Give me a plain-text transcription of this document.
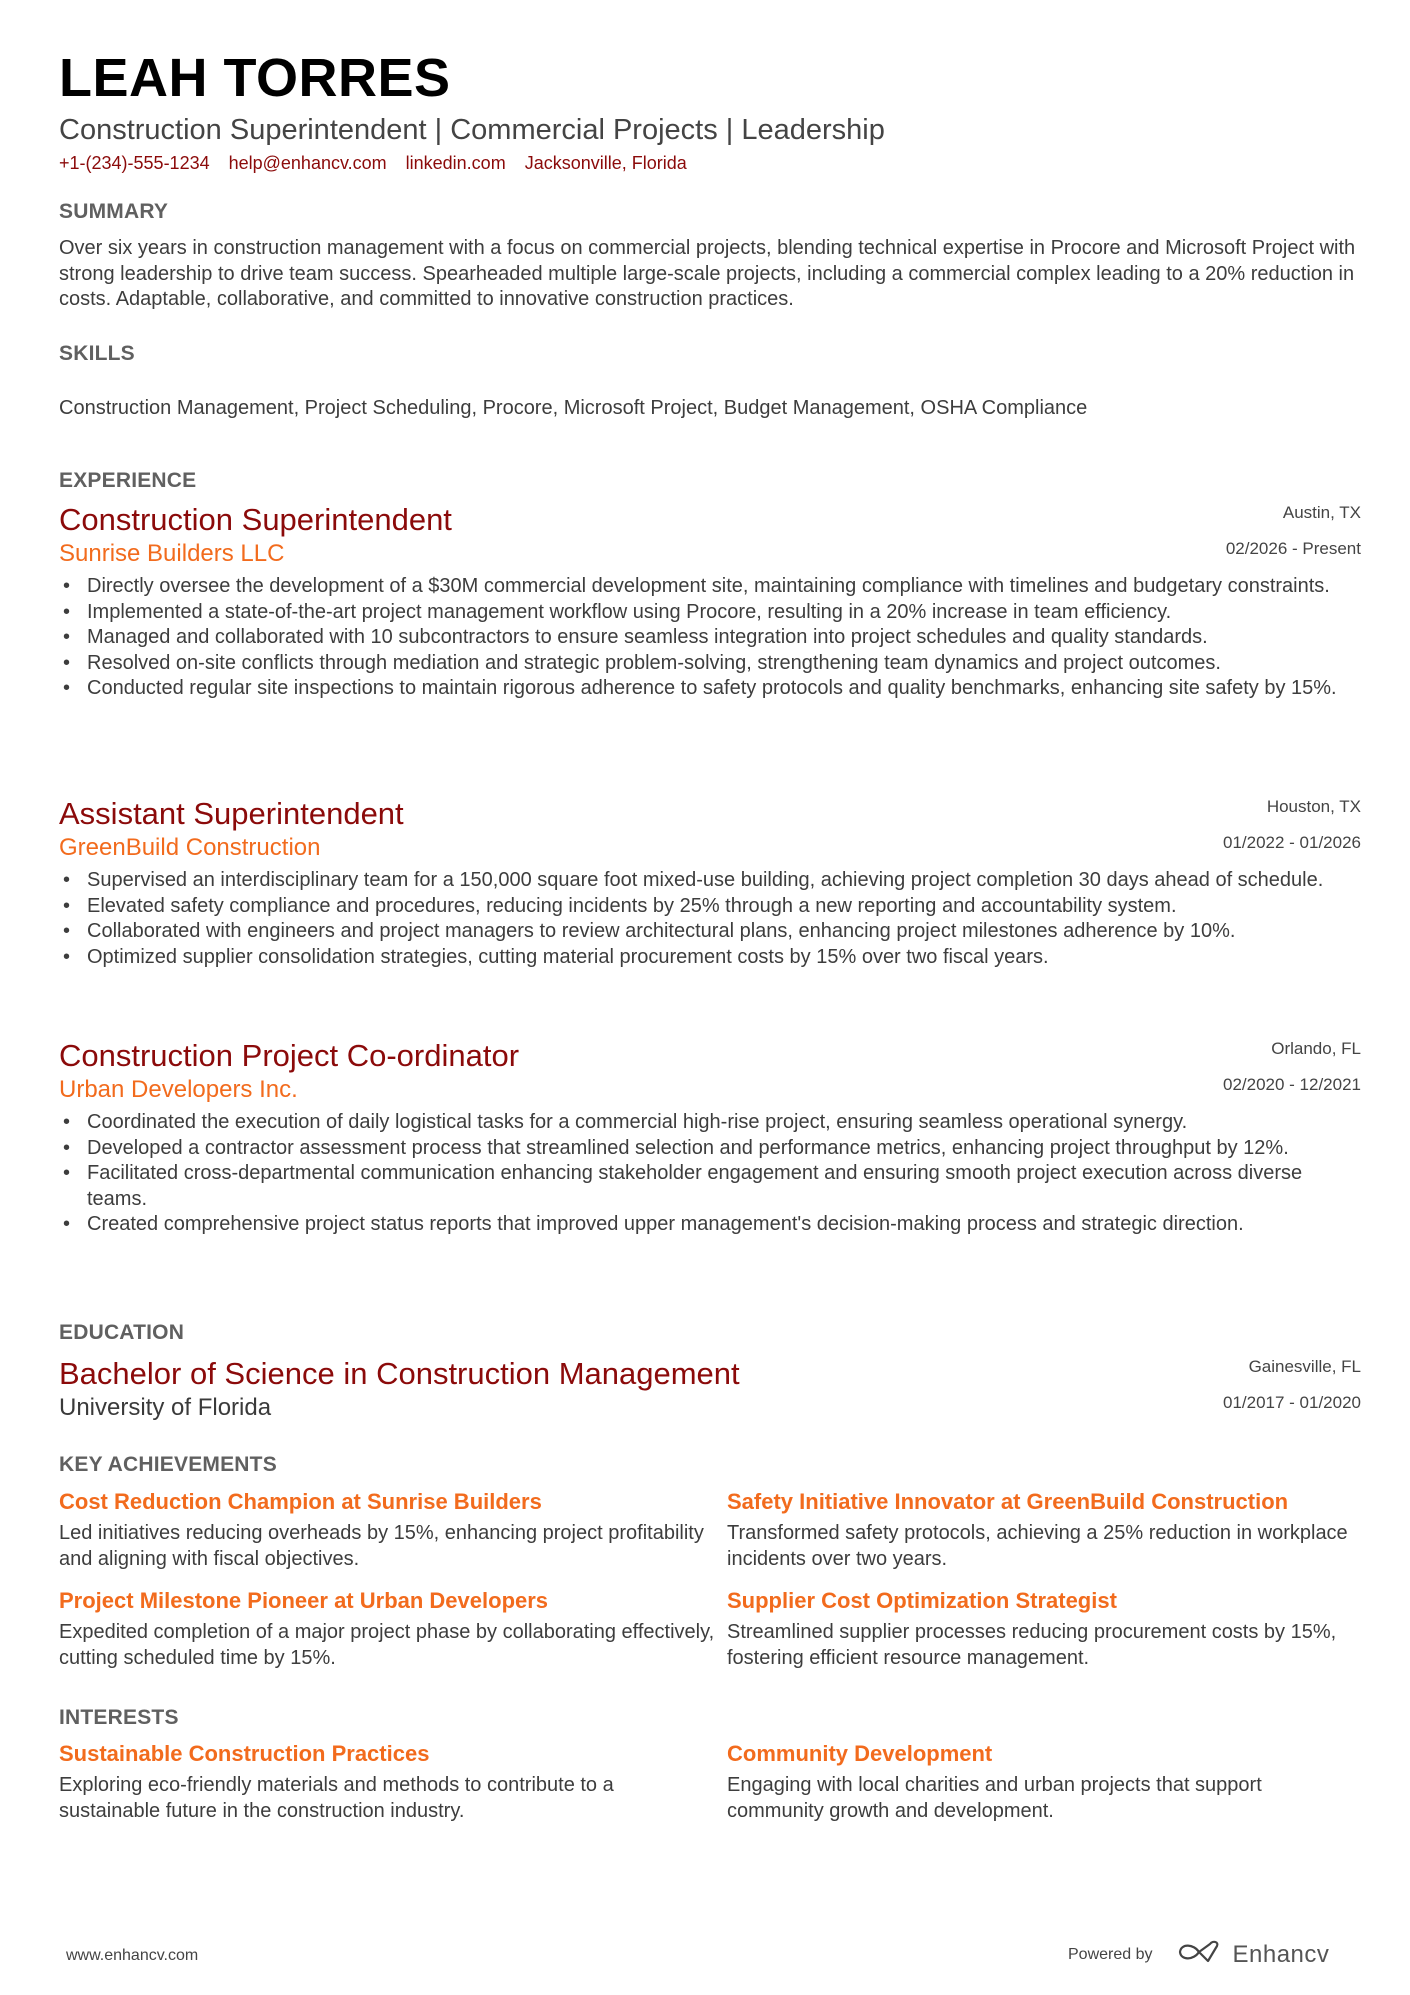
LEAH TORRES
Construction Superintendent | Commercial Projects | Leadership
+1-(234)-555-1234 help@enhancv.com linkedin.com Jacksonville, Florida
SUMMARY

Over six years in construction management with a focus on commercial projects, blending technical expertise in Procore and Microsoft Project with strong leadership to drive team success. Spearheaded multiple large-scale projects, including a commercial complex leading to a 20% reduction in costs. Adaptable, collaborative, and committed to innovative construction practices.

SKILLS

Construction Management, Project Scheduling, Procore, Microsoft Project, Budget Management, OSHA Compliance

EXPERIENCE
Construction Superintendent
Sunrise Builders LLC
Austin, TX
02/2026 - Present
• Directly oversee the development of a $30M commercial development site, maintaining compliance with timelines and budgetary constraints.
• Implemented a state-of-the-art project management workflow using Procore, resulting in a 20% increase in team efficiency.
• Managed and collaborated with 10 subcontractors to ensure seamless integration into project schedules and quality standards.
• Resolved on-site conflicts through mediation and strategic problem-solving, strengthening team dynamics and project outcomes.
• Conducted regular site inspections to maintain rigorous adherence to safety protocols and quality benchmarks, enhancing site safety by 15%.
Assistant Superintendent
GreenBuild Construction
Houston, TX
01/2022 - 01/2026
• Supervised an interdisciplinary team for a 150,000 square foot mixed-use building, achieving project completion 30 days ahead of schedule.
• Elevated safety compliance and procedures, reducing incidents by 25% through a new reporting and accountability system.
• Collaborated with engineers and project managers to review architectural plans, enhancing project milestones adherence by 10%.
• Optimized supplier consolidation strategies, cutting material procurement costs by 15% over two fiscal years.
Construction Project Co-ordinator
Urban Developers Inc.
Orlando, FL
02/2020 - 12/2021
• Coordinated the execution of daily logistical tasks for a commercial high-rise project, ensuring seamless operational synergy.
• Developed a contractor assessment process that streamlined selection and performance metrics, enhancing project throughput by 12%.
• Facilitated cross-departmental communication enhancing stakeholder engagement and ensuring smooth project execution across diverse teams.
• Created comprehensive project status reports that improved upper management's decision-making process and strategic direction.
EDUCATION
Bachelor of Science in Construction Management
University of Florida
Gainesville, FL
01/2017 - 01/2020
KEY ACHIEVEMENTS
Cost Reduction Champion at Sunrise Builders

Led initiatives reducing overheads by 15%, enhancing project profitability and aligning with fiscal objectives.

Safety Initiative Innovator at GreenBuild Construction

Transformed safety protocols, achieving a 25% reduction in workplace incidents over two years.

Project Milestone Pioneer at Urban Developers

Expedited completion of a major project phase by collaborating effectively, cutting scheduled time by 15%.

Supplier Cost Optimization Strategist

Streamlined supplier processes reducing procurement costs by 15%, fostering efficient resource management.

INTERESTS
Sustainable Construction Practices

Exploring eco-friendly materials and methods to contribute to a sustainable future in the construction industry.

Community Development

Engaging with local charities and urban projects that support community growth and development.

www.enhancv.com	Powered by	Enhancv
